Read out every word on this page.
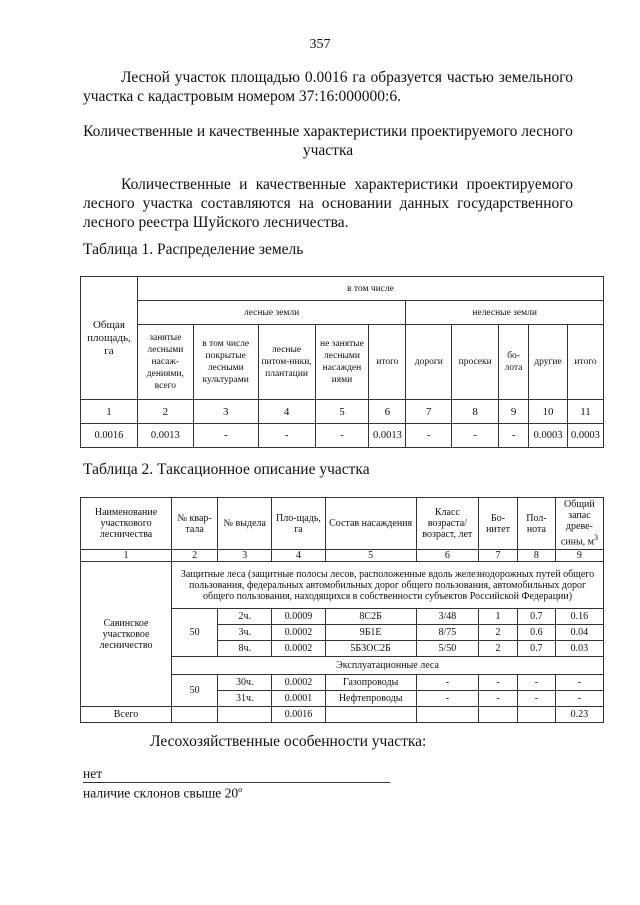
357
Лесной участок площадью 0.0016 га образуется частью земельного участка с кадастровым номером 37:16:000000:6.
Количественные и качественные характеристики проектируемого лесного участка
Количественные и качественные характеристики проектируемого лесного участка составляются на основании данных государственного лесного реестра Шуйского лесничества.
Таблица 1. Распределение земель
Общая площадь, га	в том числе									
	лесные земли					нелесные земли				
	занятые лесными насаж-дениями, всего	в том числе покрытые лесными культурами	лесные питом-ники, плантации	не занятые лесными насажден иями	итого	дороги	просеки	бо-лота	другие	итого
1	2	3	4	5	6	7	8	9	10	11
0.0016	0.0013	-	-	-	0.0013	-	-	-	0.0003	0.0003
Таблица 2. Таксационное описание участка
Наименование участкового лесничества	№ квар-тала	№ выдела	Пло-щадь, га	Состав насаждения	Класс возраста/ возраст, лет	Бо-нитет	Пол-нота	Общий запас древе-сины, $м^3$
1	2	3	4	5	6	7	8	9
Савинское участковое лесничество	Защитные леса (защитные полосы лесов, расположенные вдоль железнодорожных путей общего пользования, федеральных автомобильных дорог общего пользования, автомобильных дорог общего пользования, находящихся в собственности субъектов Российской Федерации)							
	50	2ч.	0.0009	8С2Б	3/48	1	0.7	0.16
		3ч.	0.0002	9Б1Е	8/75	2	0.6	0.04
		8ч.	0.0002	5Б3ОС2Б	5/50	2	0.7	0.03
	Эксплуатационные леса							
	50	30ч.	0.0002	Газопроводы	-	-	-	-
		31ч.	0.0001	Нефтепроводы	-	-	-	-
Всего			0.0016					0.23
Лесохозяйственные особенности участка:
нет
наличие склонов свыше $20^о$
